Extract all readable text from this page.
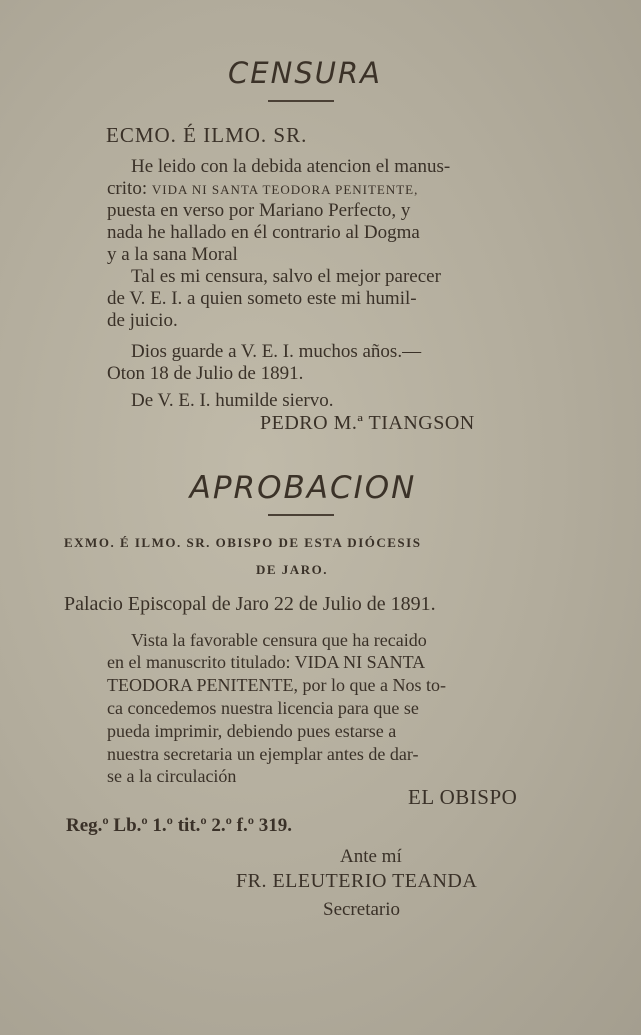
CENSURA
ECMO. É ILMO. SR.
He leido con la debida atencion el manus-
crito: VIDA NI SANTA TEODORA PENITENTE,
puesta en verso por Mariano Perfecto, y
nada he hallado en él contrario al Dogma
y a la sana Moral
Tal es mi censura, salvo el mejor parecer
de V. E. I. a quien someto este mi humil-
de juicio.
Dios guarde a V. E. I. muchos años.—
Oton 18 de Julio de 1891.
De V. E. I. humilde siervo.
PEDRO M.ª TIANGSON
APROBACION
EXMO. É ILMO. SR. OBISPO DE ESTA DIÓCESIS
DE JARO.
Palacio Episcopal de Jaro 22 de Julio de 1891.
Vista la favorable censura que ha recaido
en el manuscrito titulado: VIDA NI SANTA
TEODORA PENITENTE, por lo que a Nos to-
ca concedemos nuestra licencia para que se
pueda imprimir, debiendo pues estarse a
nuestra secretaria un ejemplar antes de dar-
se a la circulación
EL OBISPO
Reg.º Lb.º 1.º tit.º 2.º f.º 319.
Ante mí
FR. ELEUTERIO TEANDA
Secretario
